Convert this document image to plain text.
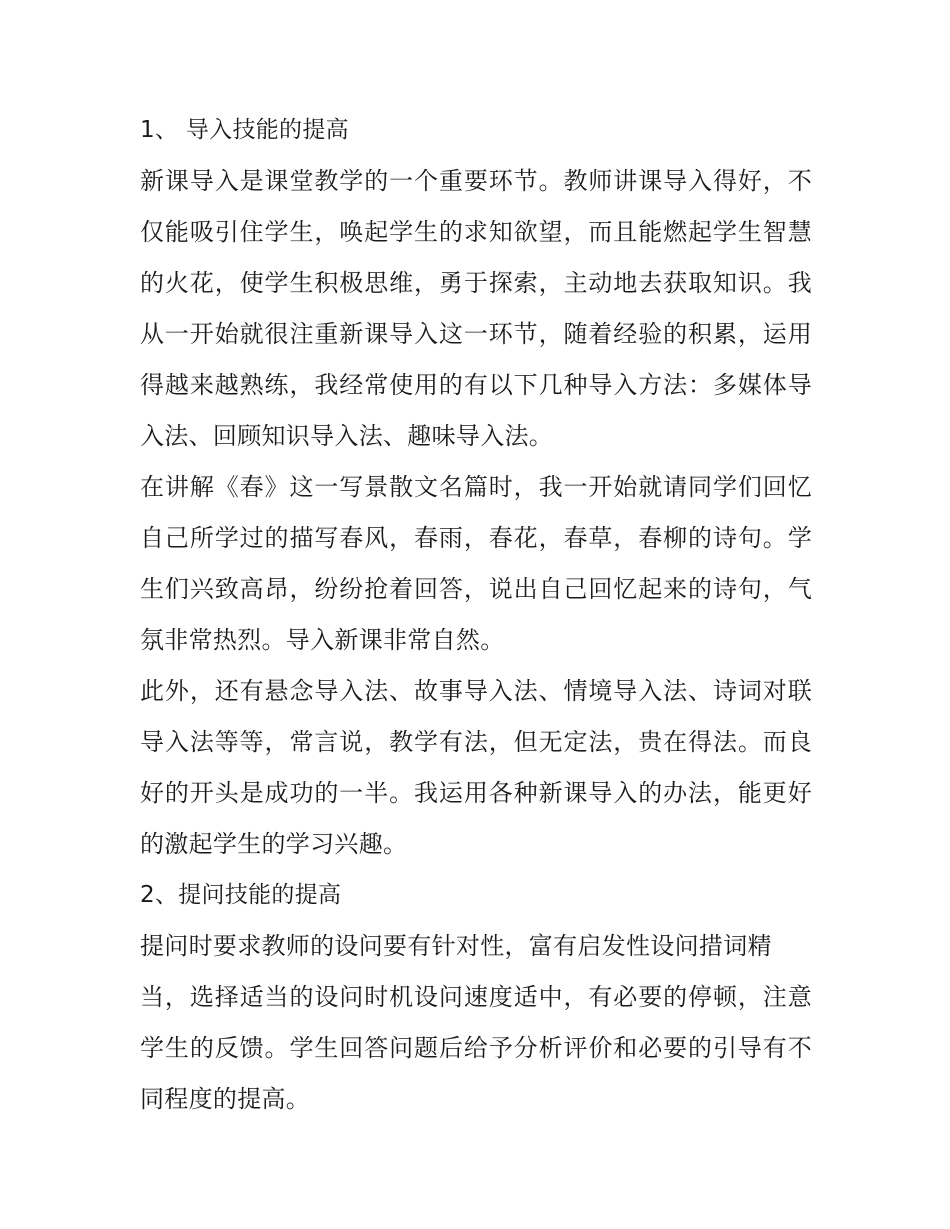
1、 导入技能的提高

新课导入是课堂教学的一个重要环节。教师讲课导入得好，不仅能吸引住学生，唤起学生的求知欲望，而且能燃起学生智慧的火花，使学生积极思维，勇于探索，主动地去获取知识。我从一开始就很注重新课导入这一环节，随着经验的积累，运用得越来越熟练，我经常使用的有以下几种导入方法：多媒体导入法、回顾知识导入法、趣味导入法。

在讲解《春》这一写景散文名篇时，我一开始就请同学们回忆自己所学过的描写春风，春雨，春花，春草，春柳的诗句。学生们兴致高昂，纷纷抢着回答，说出自己回忆起来的诗句，气氛非常热烈。导入新课非常自然。

此外，还有悬念导入法、故事导入法、情境导入法、诗词对联导入法等等，常言说，教学有法，但无定法，贵在得法。而良好的开头是成功的一半。我运用各种新课导入的办法，能更好的激起学生的学习兴趣。

2、提问技能的提高

提问时要求教师的设问要有针对性，富有启发性设问措词精

当，选择适当的设问时机设问速度适中，有必要的停顿，注意学生的反馈。学生回答问题后给予分析评价和必要的引导有不同程度的提高。
